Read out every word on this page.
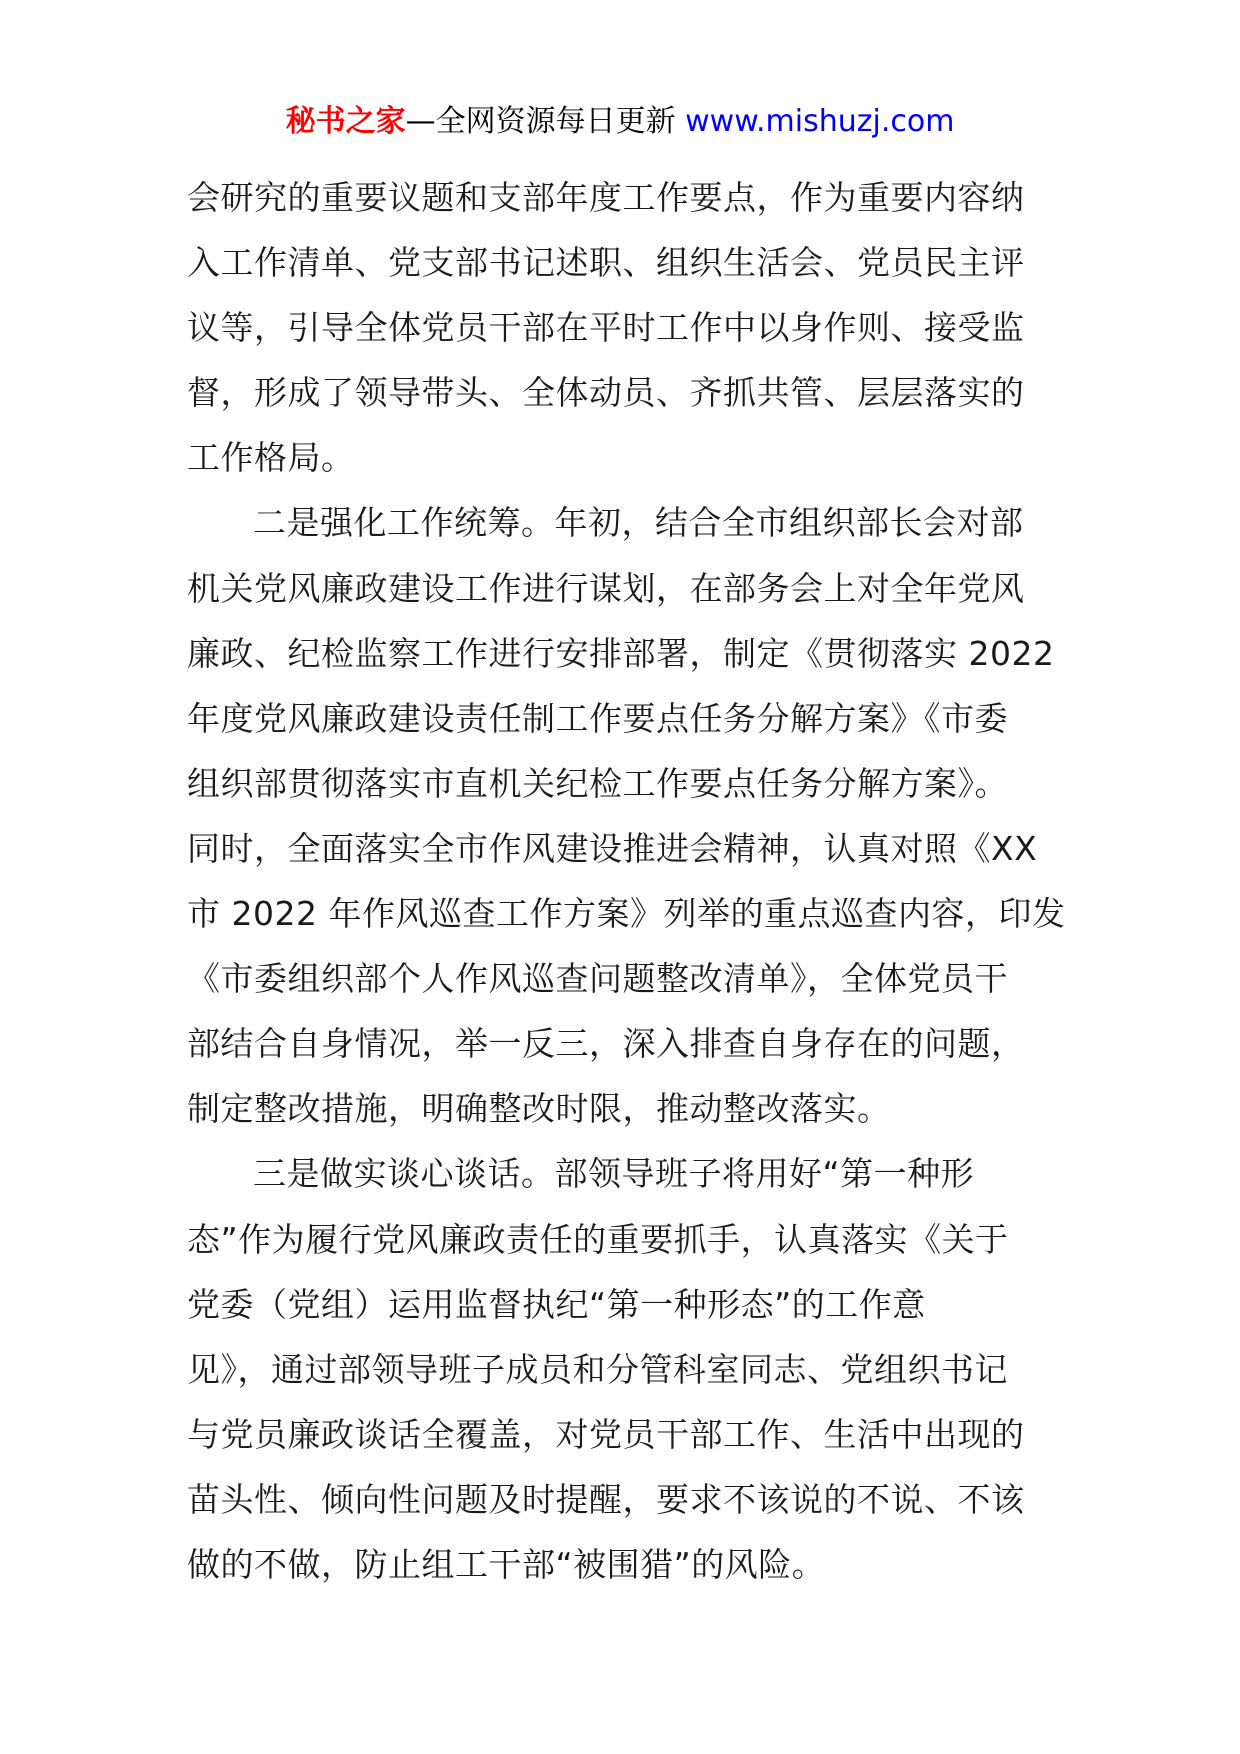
秘书之家—全网资源每日更新 www.mishuzj.com
会研究的重要议题和支部年度工作要点，作为重要内容纳
入工作清单、党支部书记述职、组织生活会、党员民主评
议等，引导全体党员干部在平时工作中以身作则、接受监
督，形成了领导带头、全体动员、齐抓共管、层层落实的
工作格局。
二是强化工作统筹。年初，结合全市组织部长会对部
机关党风廉政建设工作进行谋划，在部务会上对全年党风
廉政、纪检监察工作进行安排部署，制定《贯彻落实 2022
年度党风廉政建设责任制工作要点任务分解方案》《市委
组织部贯彻落实市直机关纪检工作要点任务分解方案》。
同时，全面落实全市作风建设推进会精神，认真对照《XX
市 2022 年作风巡查工作方案》列举的重点巡查内容，印发
《市委组织部个人作风巡查问题整改清单》，全体党员干
部结合自身情况，举一反三，深入排查自身存在的问题，
制定整改措施，明确整改时限，推动整改落实。
三是做实谈心谈话。部领导班子将用好“第一种形
态”作为履行党风廉政责任的重要抓手，认真落实《关于
党委（党组）运用监督执纪“第一种形态”的工作意
见》，通过部领导班子成员和分管科室同志、党组织书记
与党员廉政谈话全覆盖，对党员干部工作、生活中出现的
苗头性、倾向性问题及时提醒，要求不该说的不说、不该
做的不做，防止组工干部“被围猎”的风险。
